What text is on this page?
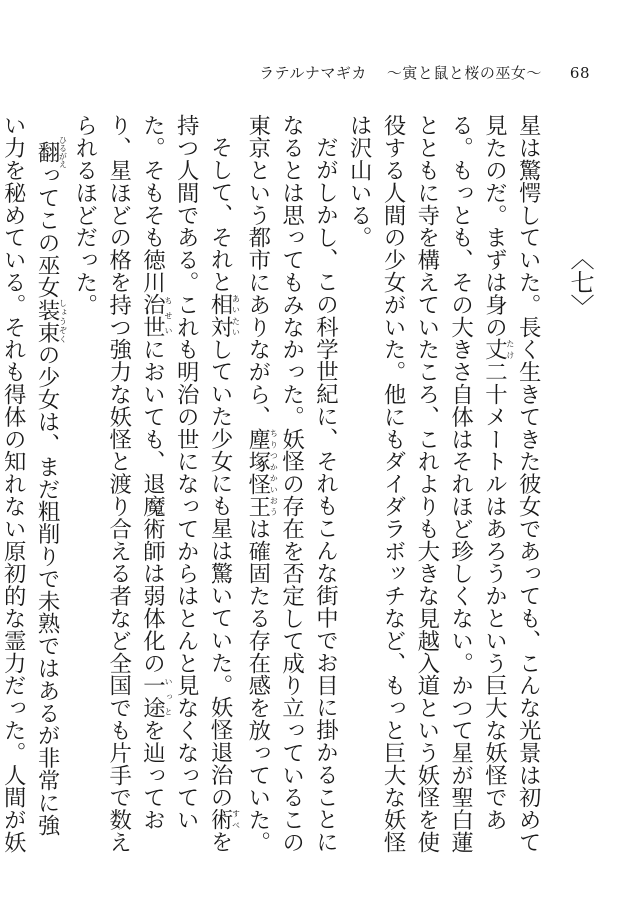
ラテルナマギカ 〜寅と鼠と桜の巫女〜 68
〈七〉
星は驚愕していた。長く生きてきた彼女であっても、こんな光景は初めて見たのだ。まずは身の丈たけ二十メートルはあろうかという巨大な妖怪である。もっとも、その大きさ自体はそれほど珍しくない。かつて星が聖白蓮とともに寺を構えていたころ、これよりも大きな見越入道という妖怪を使役する人間の少女がいた。他にもダイダラボッチなど、もっと巨大な妖怪は沢山いる。
だがしかし、この科学世紀に、それもこんな街中でお目に掛かることになるとは思ってもみなかった。妖怪の存在を否定して成り立っているこの東京という都市にありながら、塵塚怪王ちりつかかいおうは確固たる存在感を放っていた。
そして、それと相対あいたいしていた少女にも星は驚いていた。妖怪退治の術すべを持つ人間である。これも明治の世になってからはとんと見なくなっていた。そもそも徳川治世ちせいにおいても、退魔術師は弱体化の一途いっとを辿っており、星ほどの格を持つ強力な妖怪と渡り合える者など全国でも片手で数えられるほどだった。
翻ひるがえってこの巫女装束しょうぞくの少女は、まだ粗削りで未熟ではあるが非常に強い力を秘めている。それも得体の知れない原初的な霊力だった。人間が妖
